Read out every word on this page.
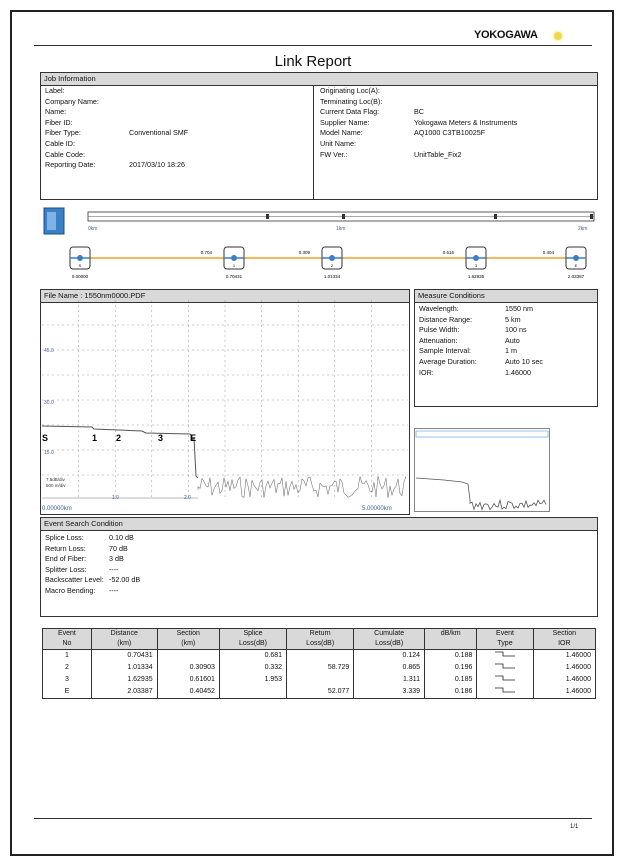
YOKOGAWA
Link Report
Job Information
Label:
Company Name:
Name:
Fiber ID:
Fiber Type:	Conventional SMF
Cable ID:
Cable Code:
Reporting Date:	2017/03/10 18:26
Originating Loc(A):
Terminating Loc(B):
Current Data Flag:	BC
Supplier Name:	Yokogawa Meters & Instruments
Model Name:	AQ1000 C3TB10025F
Unit Name:
FW Ver.:	UnitTable_Fix2
0km	1km	2km
0.704	0.309	0.616	0.404
S
0.00000
1
0.70431
2
1.01334
3
1.62935
E
2.03387
File Name : 1550nm0000.PDF
45.0
30.0
15.0
S	1 2	3	E
7.5dB/div
500 m/div
1.0	2.0
0.00000km	5.00000km
Measure Conditions
Wavelength:	1550 nm
Distance Range:	5 km
Pulse Width:	100 ns
Attenuation:	Auto
Sample Interval:	1 m
Average Duration:	Auto 10 sec
IOR:	1.46000
Event Search Condition
Splice Loss:	0.10 dB
Return Loss:	70 dB
End of Fiber:	3 dB
Splitter Loss:	----
Backscatter Level: -52.00 dB
Macro Bending: ----
Event	Distance	Section	Splice	Return	Cumulate	dB/km	Event	Section
No	(km)	(km)	Loss(dB)	Loss(dB)	Loss(dB)		Type	IOR
1	0.70431		0.681		0.124	0.188		1.46000
2	1.01334	0.30903	0.332	58.729	0.865	0.196		1.46000
3	1.62935	0.61601	1.953		1.311	0.185		1.46000
E	2.03387	0.40452		52.077	3.339	0.186		1.46000
1/1
